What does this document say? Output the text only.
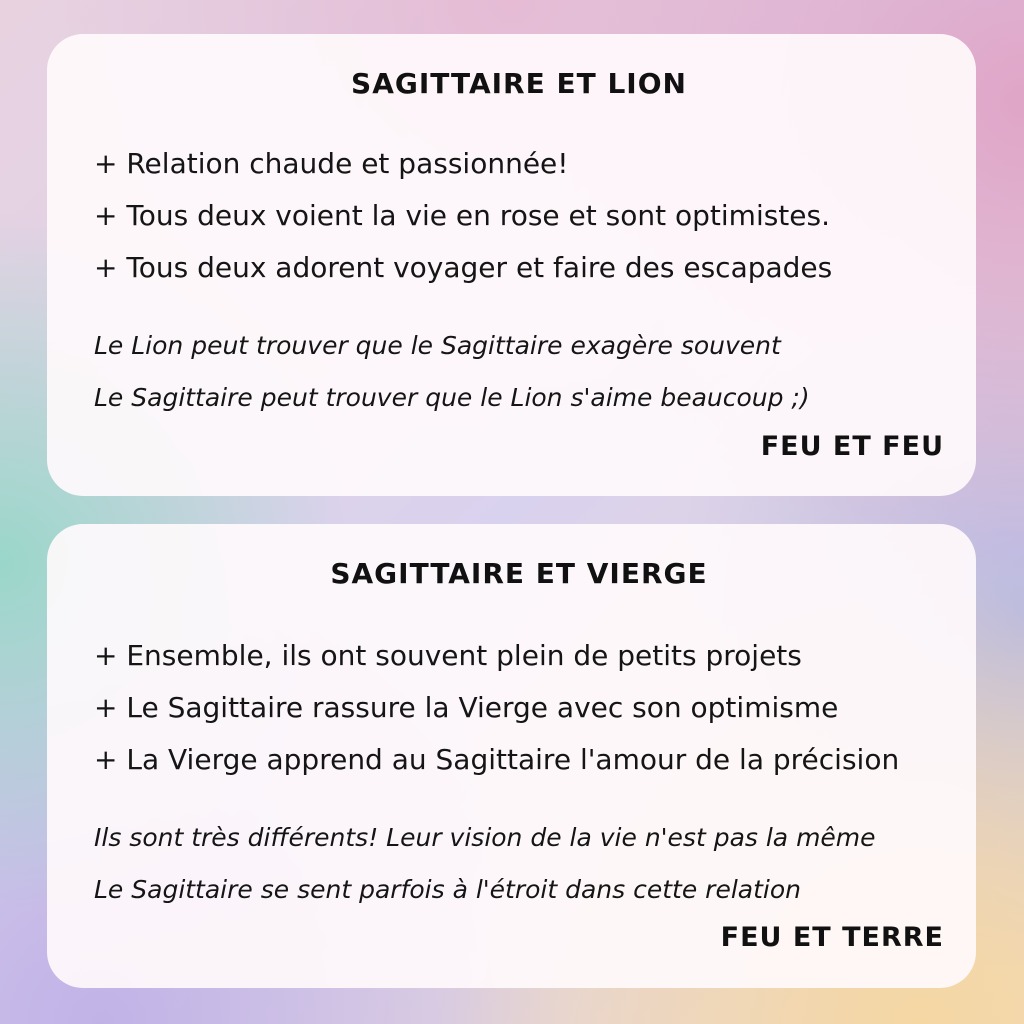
SAGITTAIRE ET LION
+ Relation chaude et passionnée!
+ Tous deux voient la vie en rose et sont optimistes.
+ Tous deux adorent voyager et faire des escapades
Le Lion peut trouver que le Sagittaire exagère souvent
Le Sagittaire peut trouver que le Lion s'aime beaucoup ;)
FEU ET FEU
SAGITTAIRE ET VIERGE
+ Ensemble, ils ont souvent plein de petits projets
+ Le Sagittaire rassure la Vierge avec son optimisme
+ La Vierge apprend au Sagittaire l'amour de la précision
Ils sont très différents! Leur vision de la vie n'est pas la même
Le Sagittaire se sent parfois à l'étroit dans cette relation
FEU ET TERRE
